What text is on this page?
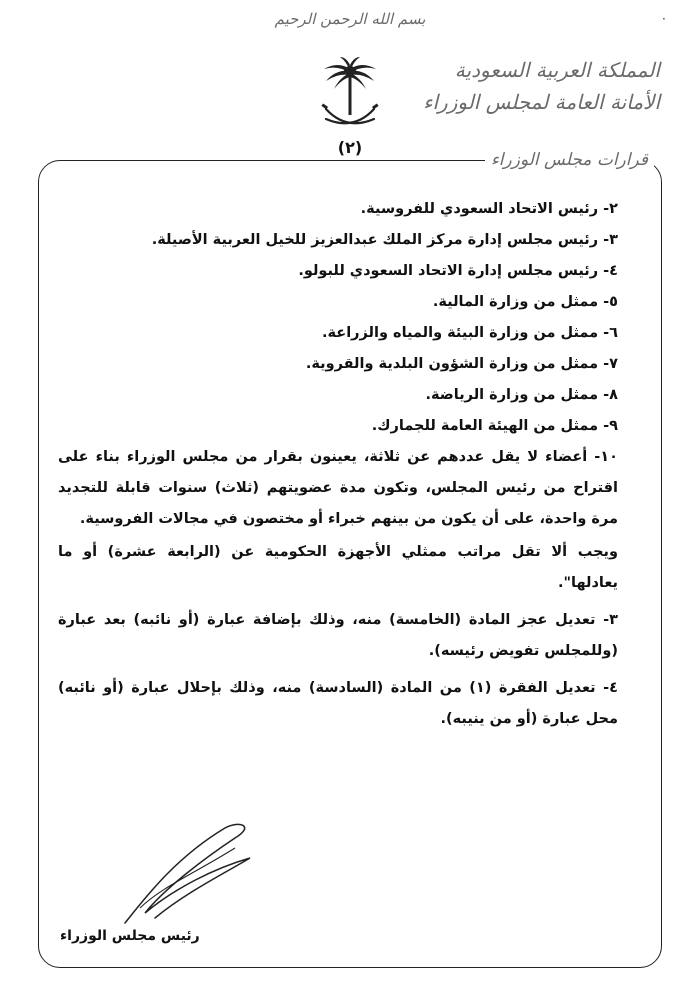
·
بسم الله الرحمن الرحيم
(٢)
المملكة العربية السعودية
الأمانة العامة لمجلس الوزراء
قرارات مجلس الوزراء

٢- رئيس الاتحاد السعودي للفروسية.

٣- رئيس مجلس إدارة مركز الملك عبدالعزيز للخيل العربية الأصيلة.

٤- رئيس مجلس إدارة الاتحاد السعودي للبولو.

٥- ممثل من وزارة المالية.

٦- ممثل من وزارة البيئة والمياه والزراعة.

٧- ممثل من وزارة الشؤون البلدية والقروية.

٨- ممثل من وزارة الرياضة.

٩- ممثل من الهيئة العامة للجمارك.

١٠- أعضاء لا يقل عددهم عن ثلاثة، يعينون بقرار من مجلس الوزراء بناء على اقتراح من رئيس المجلس، وتكون مدة عضويتهم (ثلاث) سنوات قابلة للتجديد مرة واحدة، على أن يكون من بينهم خبراء أو مختصون في مجالات الفروسية.

ويجب ألا تقل مراتب ممثلي الأجهزة الحكومية عن (الرابعة عشرة) أو ما يعادلها".

٣- تعديل عجز المادة (الخامسة) منه، وذلك بإضافة عبارة (أو نائبه) بعد عبارة (وللمجلس تفويض رئيسه).

٤- تعديل الفقرة (١) من المادة (السادسة) منه، وذلك بإحلال عبارة (أو نائبه) محل عبارة (أو من ينيبه).

رئيس مجلس الوزراء
